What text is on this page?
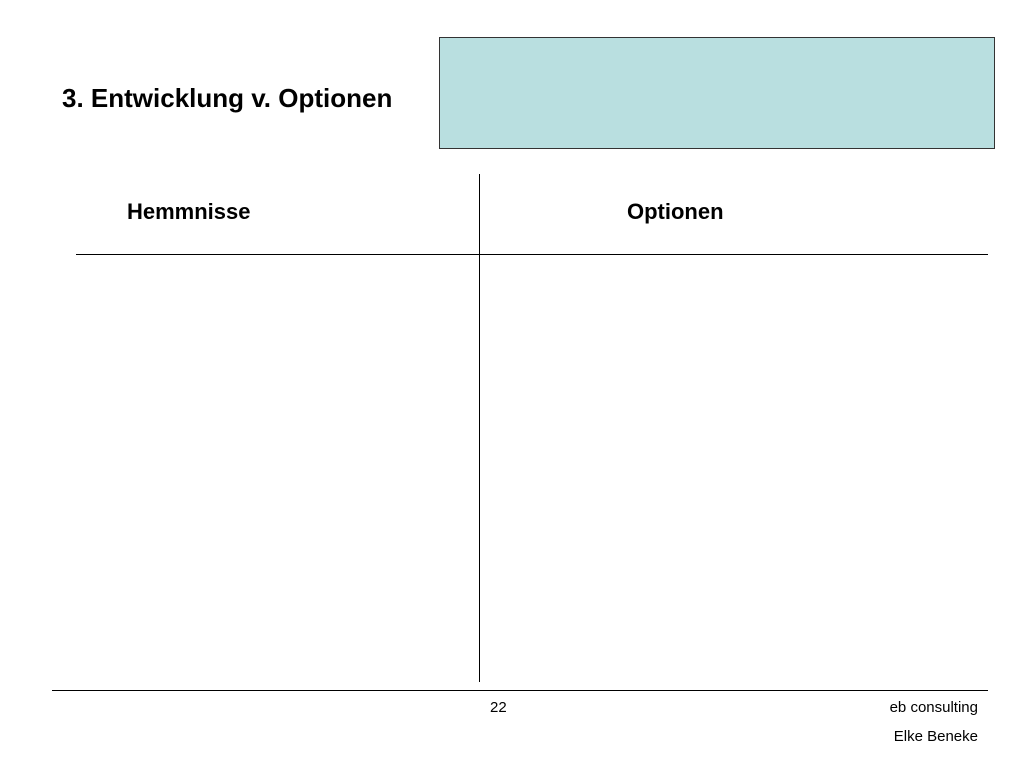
3. Entwicklung v. Optionen
Hemmnisse	Optionen
22	eb consulting
Elke Beneke
